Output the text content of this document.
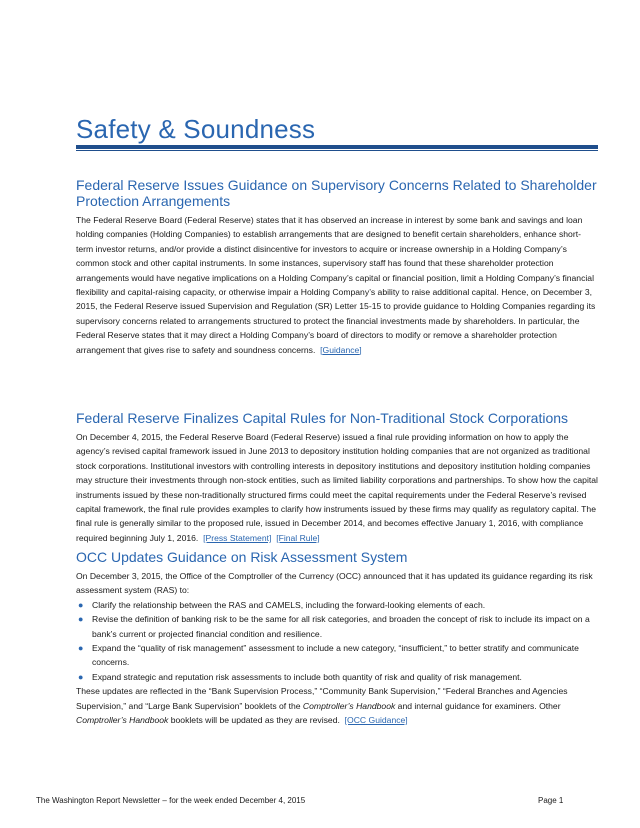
Safety & Soundness
Federal Reserve Issues Guidance on Supervisory Concerns Related to Shareholder Protection Arrangements

The Federal Reserve Board (Federal Reserve) states that it has observed an increase in interest by some bank and savings and loan holding companies (Holding Companies) to establish arrangements that are designed to benefit certain shareholders, enhance short-term investor returns, and/or provide a distinct disincentive for investors to acquire or increase ownership in a Holding Company’s common stock and other capital instruments. In some instances, supervisory staff has found that these shareholder protection arrangements would have negative implications on a Holding Company’s capital or financial position, limit a Holding Company’s financial flexibility and capital-raising capacity, or otherwise impair a Holding Company’s ability to raise additional capital. Hence, on December 3, 2015, the Federal Reserve issued Supervision and Regulation (SR) Letter 15-15 to provide guidance to Holding Companies regarding its supervisory concerns related to arrangements structured to protect the financial investments made by shareholders. In particular, the Federal Reserve states that it may direct a Holding Company’s board of directors to modify or remove a shareholder protection arrangement that gives rise to safety and soundness concerns. [Guidance]

Federal Reserve Finalizes Capital Rules for Non-Traditional Stock Corporations

On December 4, 2015, the Federal Reserve Board (Federal Reserve) issued a final rule providing information on how to apply the agency’s revised capital framework issued in June 2013 to depository institution holding companies that are not organized as traditional stock corporations. Institutional investors with controlling interests in depository institutions and depository institution holding companies may structure their investments through non-stock entities, such as limited liability corporations and partnerships. To show how the capital instruments issued by these non-traditionally structured firms could meet the capital requirements under the Federal Reserve’s revised capital framework, the final rule provides examples to clarify how instruments issued by these firms may qualify as regulatory capital. The final rule is generally similar to the proposed rule, issued in December 2014, and becomes effective January 1, 2016, with compliance required beginning July 1, 2016. [Press Statement] [Final Rule]

OCC Updates Guidance on Risk Assessment System

On December 3, 2015, the Office of the Comptroller of the Currency (OCC) announced that it has updated its guidance regarding its risk assessment system (RAS) to:

● Clarify the relationship between the RAS and CAMELS, including the forward-looking elements of each.
● Revise the definition of banking risk to be the same for all risk categories, and broaden the concept of risk to include its impact on a bank’s current or projected financial condition and resilience.
● Expand the “quality of risk management” assessment to include a new category, “insufficient,” to better stratify and communicate concerns.
● Expand strategic and reputation risk assessments to include both quantity of risk and quality of risk management.

These updates are reflected in the “Bank Supervision Process,” “Community Bank Supervision,” “Federal Branches and Agencies Supervision,” and “Large Bank Supervision” booklets of the Comptroller’s Handbook and internal guidance for examiners. Other Comptroller’s Handbook booklets will be updated as they are revised. [OCC Guidance]

The Washington Report Newsletter – for the week ended December 4, 2015	Page 1
